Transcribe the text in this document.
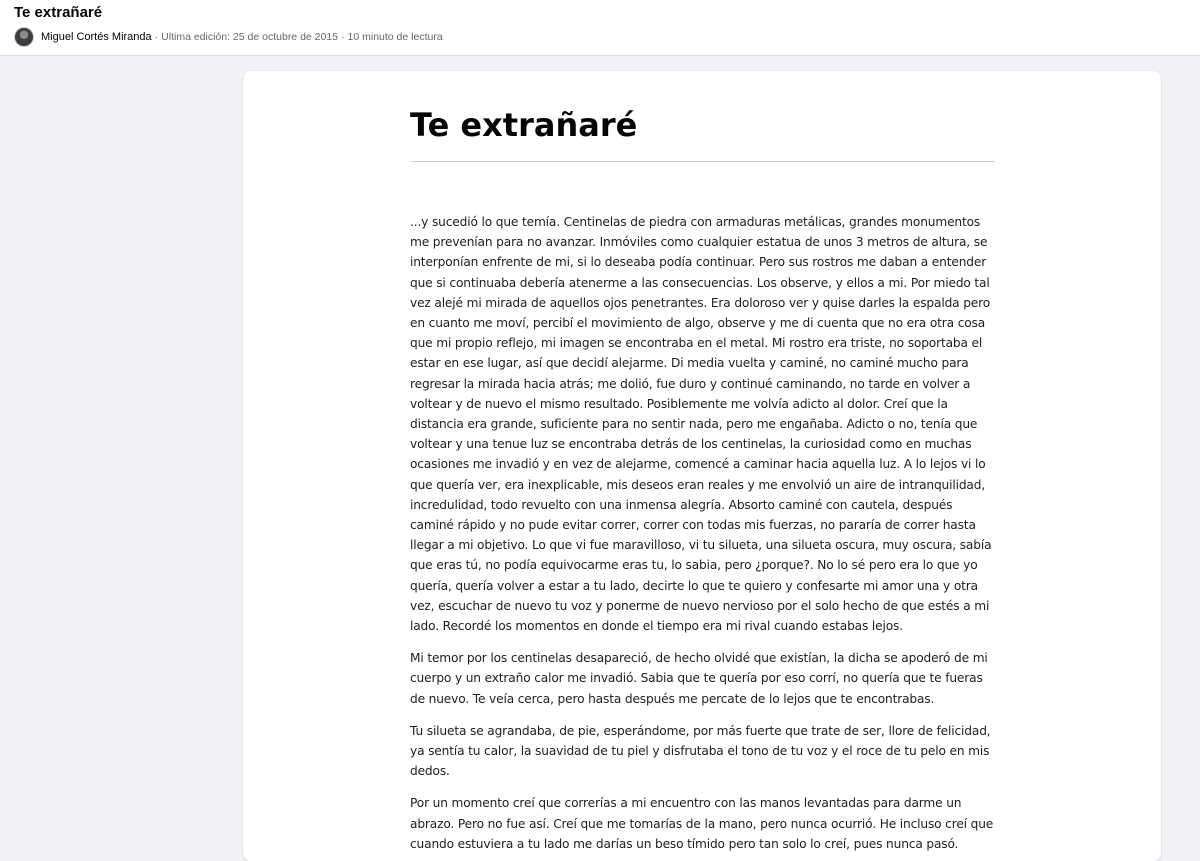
Te extrañaré
Miguel Cortés Miranda · Ultima edición: 25 de octubre de 2015 · 10 minuto de lectura
Te extrañaré

...y sucedió lo que temía. Centinelas de piedra con armaduras metálicas, grandes monumentos me prevenían para no avanzar. Inmóviles como cualquier estatua de unos 3 metros de altura, se interponían enfrente de mi, si lo deseaba podía continuar. Pero sus rostros me daban a entender que si continuaba debería atenerme a las consecuencias. Los observe, y ellos a mi. Por miedo tal vez alejé mi mirada de aquellos ojos penetrantes. Era doloroso ver y quise darles la espalda pero en cuanto me moví, percibí el movimiento de algo, observe y me di cuenta que no era otra cosa que mi propio reflejo, mi imagen se encontraba en el metal. Mi rostro era triste, no soportaba el estar en ese lugar, así que decidí alejarme. Di media vuelta y caminé, no caminé mucho para regresar la mirada hacia atrás; me dolió, fue duro y continué caminando, no tarde en volver a voltear y de nuevo el mismo resultado. Posiblemente me volvía adicto al dolor. Creí que la distancia era grande, suficiente para no sentir nada, pero me engañaba. Adicto o no, tenía que voltear y una tenue luz se encontraba detrás de los centinelas, la curiosidad como en muchas ocasiones me invadió y en vez de alejarme, comencé a caminar hacia aquella luz. A lo lejos vi lo que quería ver, era inexplicable, mis deseos eran reales y me envolvió un aire de intranquilidad, incredulidad, todo revuelto con una inmensa alegría. Absorto caminé con cautela, después caminé rápido y no pude evitar correr, correr con todas mis fuerzas, no pararía de correr hasta llegar a mi objetivo. Lo que vi fue maravilloso, vi tu silueta, una silueta oscura, muy oscura, sabía que eras tú, no podía equivocarme eras tu, lo sabia, pero ¿porque?. No lo sé pero era lo que yo quería, quería volver a estar a tu lado, decirte lo que te quiero y confesarte mi amor una y otra vez, escuchar de nuevo tu voz y ponerme de nuevo nervioso por el solo hecho de que estés a mi lado. Recordé los momentos en donde el tiempo era mi rival cuando estabas lejos.

Mi temor por los centinelas desapareció, de hecho olvidé que existían, la dicha se apoderó de mi cuerpo y un extraño calor me invadió. Sabia que te quería por eso corrí, no quería que te fueras de nuevo. Te veía cerca, pero hasta después me percate de lo lejos que te encontrabas.

Tu silueta se agrandaba, de pie, esperándome, por más fuerte que trate de ser, llore de felicidad, ya sentía tu calor, la suavidad de tu piel y disfrutaba el tono de tu voz y el roce de tu pelo en mis dedos.

Por un momento creí que correrías a mi encuentro con las manos levantadas para darme un abrazo. Pero no fue así. Creí que me tomarías de la mano, pero nunca ocurrió. He incluso creí que cuando estuviera a tu lado me darías un beso tímido pero tan solo lo creí, pues nunca pasó.
